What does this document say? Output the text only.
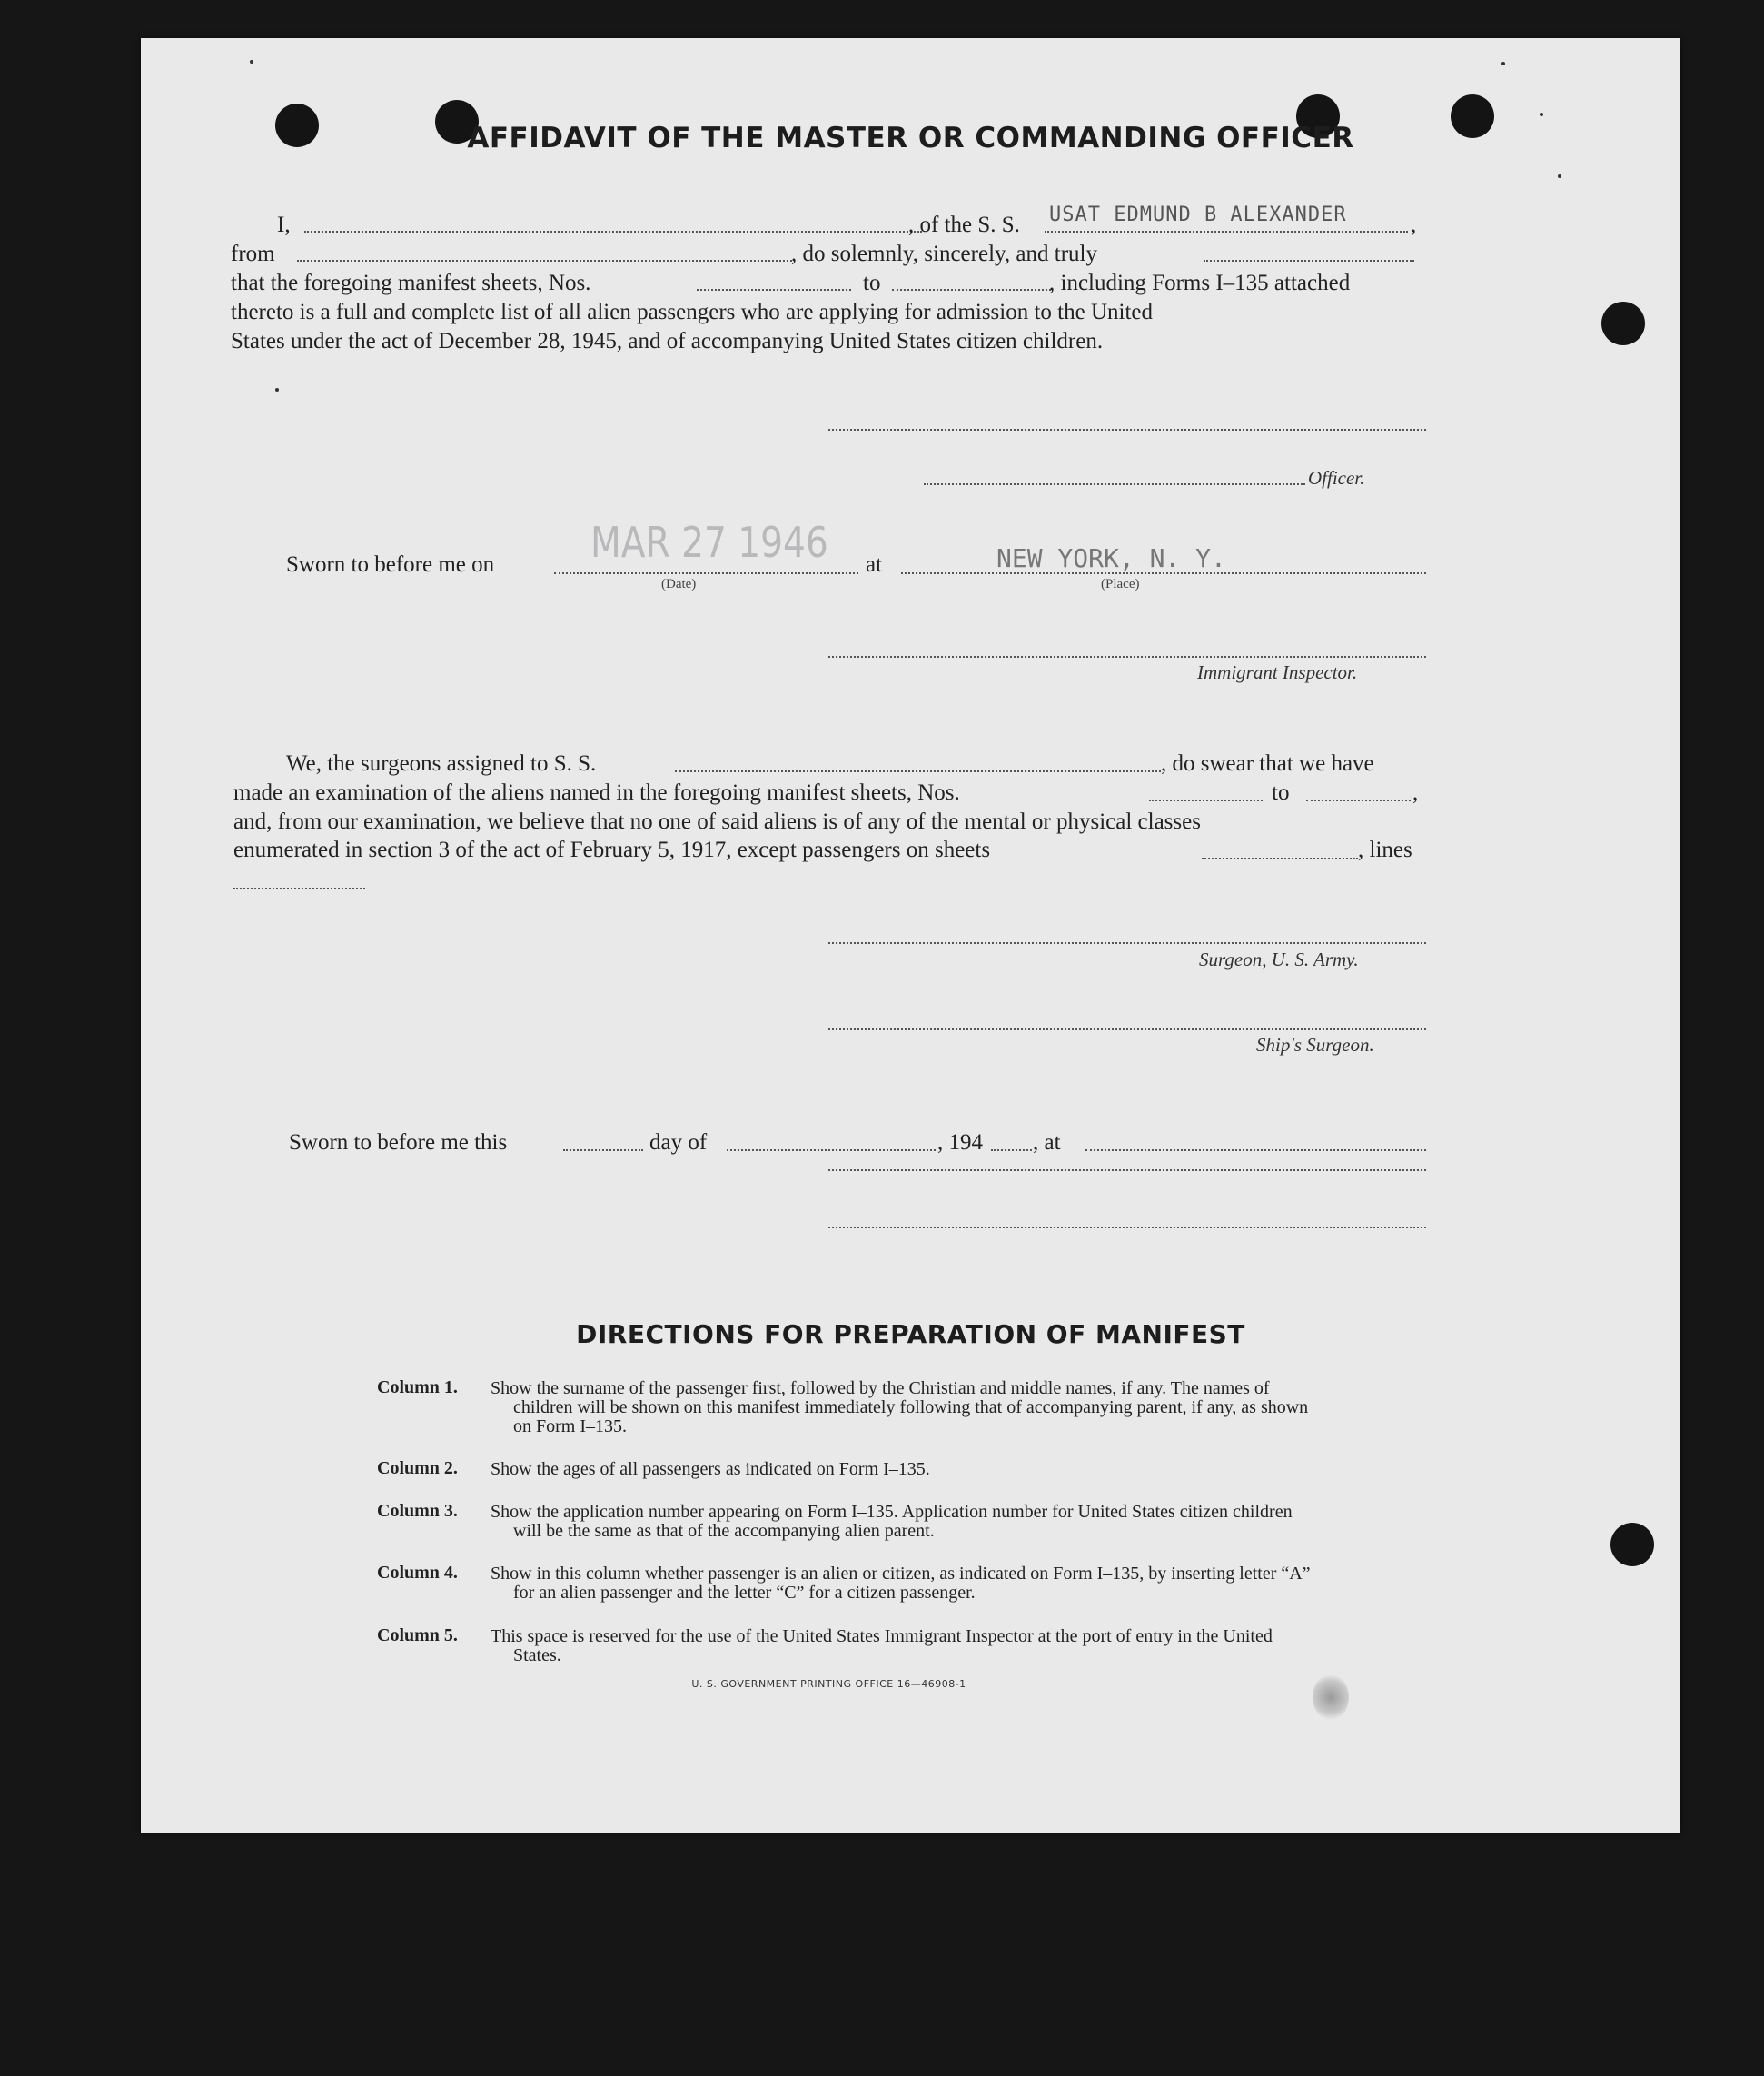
AFFIDAVIT OF THE MASTER OR COMMANDING OFFICER
I,	, of the S. S. USAT EDMUND B ALEXANDER	,
from	, do solemnly, sincerely, and truly
that the foregoing manifest sheets, Nos.	to	, including Forms I–135 attached
thereto is a full and complete list of all alien passengers who are applying for admission to the United
States under the act of December 28, 1945, and of accompanying United States citizen children.
Officer.
Sworn to before me on MAR 27 1946
(Date)
at	NEW YORK, N. Y.
(Place)
Immigrant Inspector.
We, the surgeons assigned to S. S.	, do swear that we have
made an examination of the aliens named in the foregoing manifest sheets, Nos.	to	,
and, from our examination, we believe that no one of said aliens is of any of the mental or physical classes
enumerated in section 3 of the act of February 5, 1917, except passengers on sheets	, lines
Surgeon, U. S. Army.
Ship's Surgeon.
Sworn to before me this	day of	, 194 , at
DIRECTIONS FOR PREPARATION OF MANIFEST
Column 1. Show the surname of the passenger first, followed by the Christian and middle names, if any. The names of
children will be shown on this manifest immediately following that of accompanying parent, if any, as shown
on Form I–135.
Column 2. Show the ages of all passengers as indicated on Form I–135.
Column 3. Show the application number appearing on Form I–135. Application number for United States citizen children
will be the same as that of the accompanying alien parent.
Column 4. Show in this column whether passenger is an alien or citizen, as indicated on Form I–135, by inserting letter “A”
for an alien passenger and the letter “C” for a citizen passenger.
Column 5. This space is reserved for the use of the United States Immigrant Inspector at the port of entry in the United
States.
U. S. GOVERNMENT PRINTING OFFICE 16—46908-1
